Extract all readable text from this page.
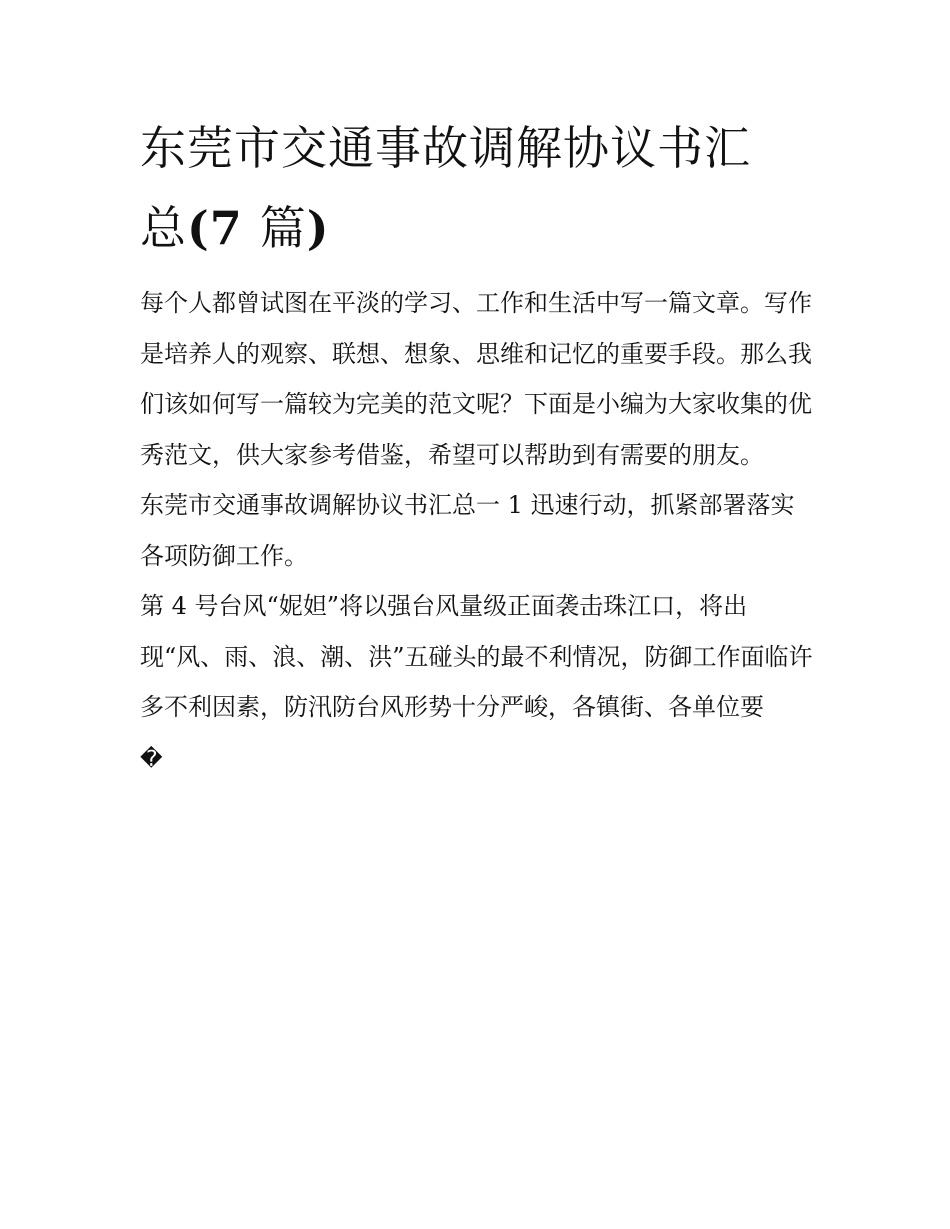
东莞市交通事故调解协议书汇
总(7 篇)

每个人都曾试图在平淡的学习、工作和生活中写一篇文章。写作是培养人的观察、联想、想象、思维和记忆的重要手段。那么我们该如何写一篇较为完美的范文呢？下面是小编为大家收集的优秀范文，供大家参考借鉴，希望可以帮助到有需要的朋友。

东莞市交通事故调解协议书汇总一 1 迅速行动，抓紧部署落实各项防御工作。

第 4 号台风“妮妲”将以强台风量级正面袭击珠江口，将出

现“风、雨、浪、潮、洪”五碰头的最不利情况，防御工作面临许多不利因素，防汛防台风形势十分严峻，各镇街、各单位要

�
